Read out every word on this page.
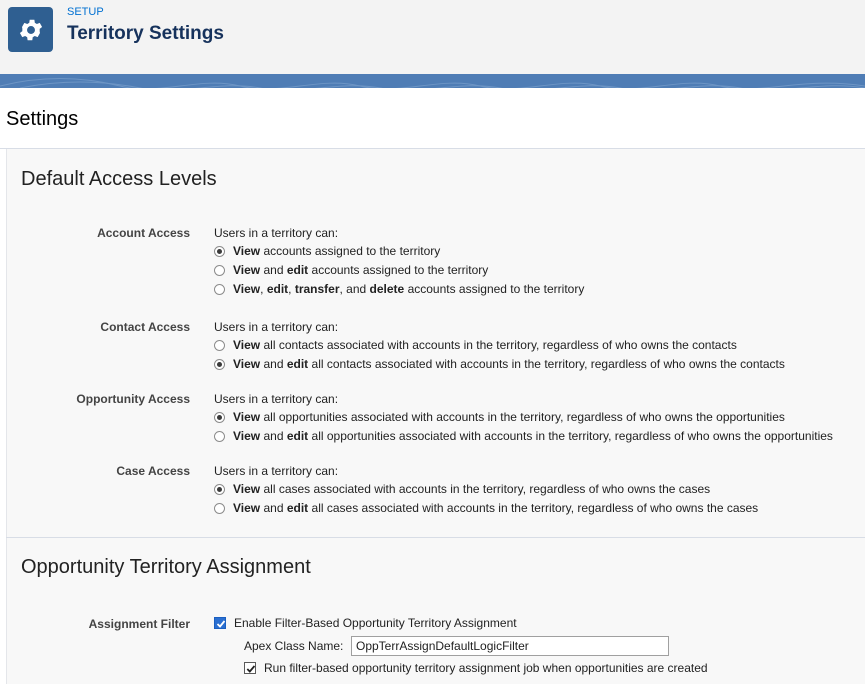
SETUP
Territory Settings
Settings
Default Access Levels
Account Access Users in a territory can:
View accounts assigned to the territory
View and edit accounts assigned to the territory
View, edit, transfer, and delete accounts assigned to the territory
Contact Access Users in a territory can:
View all contacts associated with accounts in the territory, regardless of who owns the contacts
View and edit all contacts associated with accounts in the territory, regardless of who owns the contacts
Opportunity Access Users in a territory can:
View all opportunities associated with accounts in the territory, regardless of who owns the opportunities
View and edit all opportunities associated with accounts in the territory, regardless of who owns the opportunities
Case Access Users in a territory can:
View all cases associated with accounts in the territory, regardless of who owns the cases
View and edit all cases associated with accounts in the territory, regardless of who owns the cases
Opportunity Territory Assignment
Assignment Filter	Enable Filter-Based Opportunity Territory Assignment
Apex Class Name:
OppTerrAssignDefaultLogicFilter
Run filter-based opportunity territory assignment job when opportunities are created
